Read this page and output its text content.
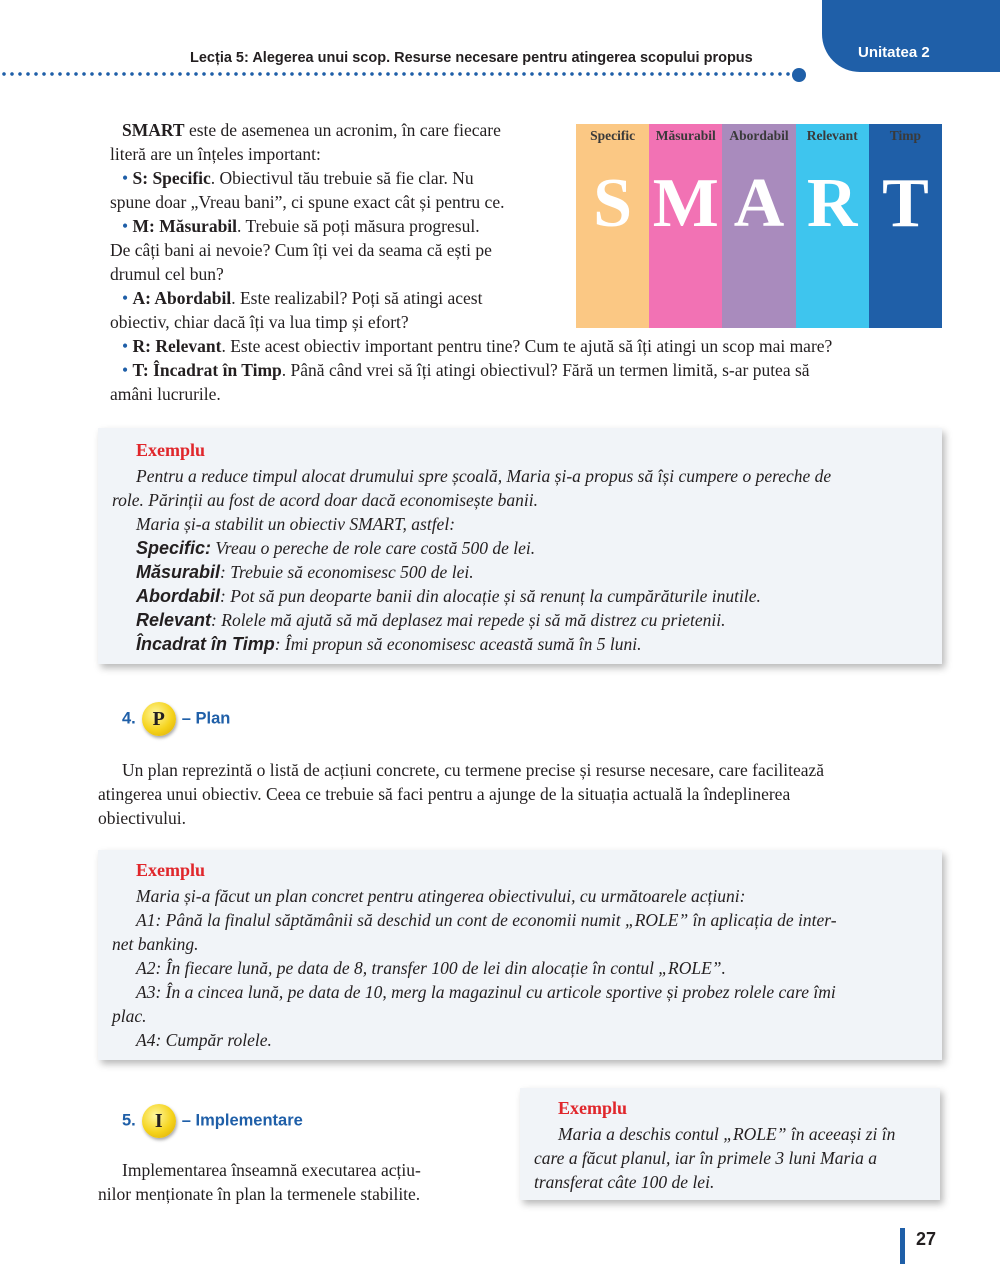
Unitatea 2
Lecția 5: Alegerea unui scop. Resurse necesare pentru atingerea scopului propus
Specific
S
Măsurabil
M
Abordabil
A
Relevant
R
Timp
T

SMART este de asemenea un acronim, în care fiecare

literă are un înțeles important:

• S: Specific. Obiectivul tău trebuie să fie clar. Nu

spune doar „Vreau bani”, ci spune exact cât și pentru ce.

• M: Măsurabil. Trebuie să poți măsura progresul.

De câți bani ai nevoie? Cum îți vei da seama că ești pe

drumul cel bun?

• A: Abordabil. Este realizabil? Poți să atingi acest

obiectiv, chiar dacă îți va lua timp și efort?

• R: Relevant. Este acest obiectiv important pentru tine? Cum te ajută să îți atingi un scop mai mare?

• T: Încadrat în Timp. Până când vrei să îți atingi obiectivul? Fără un termen limită, s-ar putea să

amâni lucrurile.

Exemplu

Pentru a reduce timpul alocat drumului spre școală, Maria și-a propus să își cumpere o pereche de

role. Părinții au fost de acord doar dacă economisește banii.

Maria și-a stabilit un obiectiv SMART, astfel:

Specific: Vreau o pereche de role care costă 500 de lei.

Măsurabil: Trebuie să economisesc 500 de lei.

Abordabil: Pot să pun deoparte banii din alocație și să renunț la cumpărăturile inutile.

Relevant: Rolele mă ajută să mă deplasez mai repede și să mă distrez cu prietenii.

Încadrat în Timp: Îmi propun să economisesc această sumă în 5 luni.

4. P – Plan

Un plan reprezintă o listă de acțiuni concrete, cu termene precise și resurse necesare, care facilitează

atingerea unui obiectiv. Ceea ce trebuie să faci pentru a ajunge de la situația actuală la îndeplinerea

obiectivului.

Exemplu

Maria și-a făcut un plan concret pentru atingerea obiectivului, cu următoarele acțiuni:

A1: Până la finalul săptămânii să deschid un cont de economii numit „ROLE” în aplicația de inter-

net banking.

A2: În fiecare lună, pe data de 8, transfer 100 de lei din alocație în contul „ROLE”.

A3: În a cincea lună, pe data de 10, merg la magazinul cu articole sportive și probez rolele care îmi

plac.

A4: Cumpăr rolele.

5. I – Implementare

Implementarea înseamnă executarea acțiu-

nilor menționate în plan la termenele stabilite.

Exemplu

Maria a deschis contul „ROLE” în aceeași zi în

care a făcut planul, iar în primele 3 luni Maria a

transferat câte 100 de lei.

27
